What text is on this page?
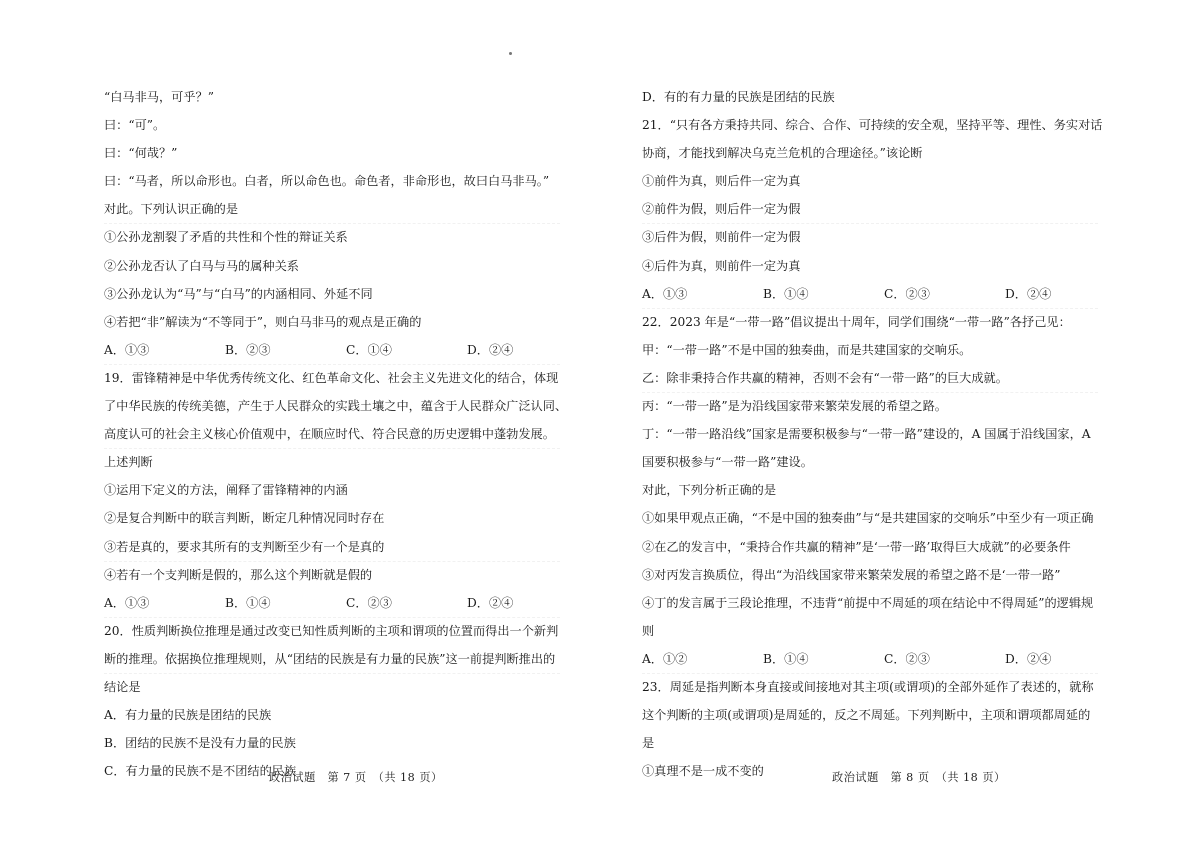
“白马非马，可乎？”
曰：“可”。
曰：“何哉？”
曰：“马者，所以命形也。白者，所以命色也。命色者，非命形也，故曰白马非马。”
对此。下列认识正确的是
①公孙龙割裂了矛盾的共性和个性的辩证关系
②公孙龙否认了白马与马的属种关系
③公孙龙认为“马”与“白马”的内涵相同、外延不同
④若把“非”解读为“不等同于”，则白马非马的观点是正确的
A．①③	B．②③	C．①④	D．②④
19．雷锋精神是中华优秀传统文化、红色革命文化、社会主义先进文化的结合，体现
了中华民族的传统美德，产生于人民群众的实践土壤之中，蕴含于人民群众广泛认同、
高度认可的社会主义核心价值观中，在顺应时代、符合民意的历史逻辑中蓬勃发展。
上述判断
①运用下定义的方法，阐释了雷锋精神的内涵
②是复合判断中的联言判断，断定几种情况同时存在
③若是真的，要求其所有的支判断至少有一个是真的
④若有一个支判断是假的，那么这个判断就是假的
A．①③	B．①④	C．②③	D．②④
20．性质判断换位推理是通过改变已知性质判断的主项和谓项的位置而得出一个新判
断的推理。依据换位推理规则，从“团结的民族是有力量的民族”这一前提判断推出的
结论是
A．有力量的民族是团结的民族
B．团结的民族不是没有力量的民族
C．有力量的民族不是不团结的民族
政治试题　第 7 页　（共 18 页）
D．有的有力量的民族是团结的民族
21．“只有各方秉持共同、综合、合作、可持续的安全观，坚持平等、理性、务实对话
协商，才能找到解决乌克兰危机的合理途径。”该论断
①前件为真，则后件一定为真
②前件为假，则后件一定为假
③后件为假，则前件一定为假
④后件为真，则前件一定为真
A．①③	B．①④	C．②③	D．②④
22．2023 年是“一带一路”倡议提出十周年，同学们围绕“一带一路”各抒己见：
甲：“一带一路”不是中国的独奏曲，而是共建国家的交响乐。
乙：除非秉持合作共赢的精神，否则不会有“一带一路”的巨大成就。
丙：“一带一路”是为沿线国家带来繁荣发展的希望之路。
丁：“一带一路沿线”国家是需要积极参与“一带一路”建设的，A 国属于沿线国家，A
国要积极参与“一带一路”建设。
对此，下列分析正确的是
①如果甲观点正确，“不是中国的独奏曲”与“是共建国家的交响乐”中至少有一项正确
②在乙的发言中，“秉持合作共赢的精神”是‘一带一路’取得巨大成就”的必要条件
③对丙发言换质位，得出“为沿线国家带来繁荣发展的希望之路不是‘一带一路”
④丁的发言属于三段论推理，不违背“前提中不周延的项在结论中不得周延”的逻辑规
则
A．①②	B．①④	C．②③	D．②④
23．周延是指判断本身直接或间接地对其主项(或谓项)的全部外延作了表述的，就称
这个判断的主项(或谓项)是周延的，反之不周延。下列判断中，主项和谓项都周延的
是
①真理不是一成不变的	政治试题　第 8 页　（共 18 页）
